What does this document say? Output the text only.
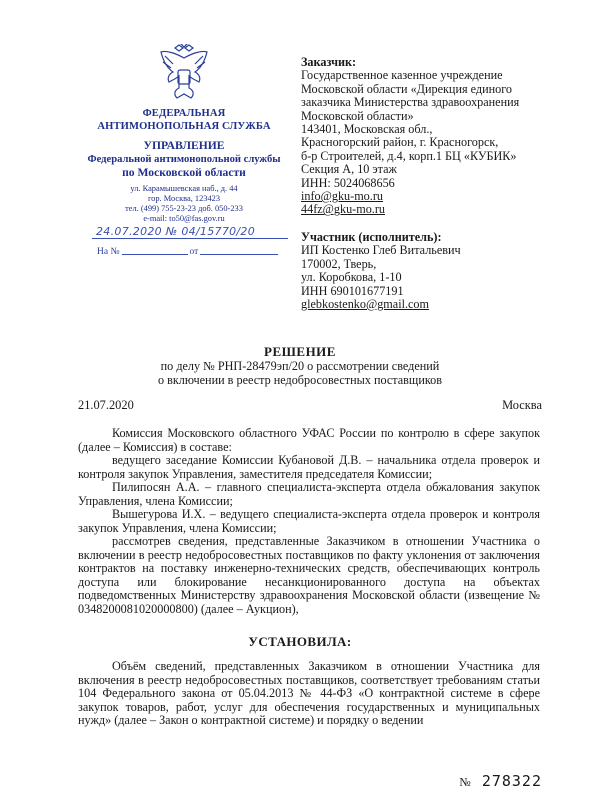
ФЕДЕРАЛЬНАЯ
АНТИМОНОПОЛЬНАЯ СЛУЖБА
УПРАВЛЕНИЕ
Федеральной антимонопольной службы
по Московской области
ул. Карамышевская наб., д. 44
гор. Москва, 123423
тел. (499) 755-23-23 доб. 050-233
e-mail: to50@fas.gov.ru
24.07.2020 № 04/15770/20
На №	от
Заказчик:
Государственное казенное учреждение
Московской области «Дирекция единого
заказчика Министерства здравоохранения
Московской области»
143401, Московская обл.,
Красногорский район, г. Красногорск,
б-р Строителей, д.4, корп.1 БЦ «КУБИК»
Секция А, 10 этаж
ИНН: 5024068656
info@gku-mo.ru
44fz@gku-mo.ru
Участник (исполнитель):
ИП Костенко Глеб Витальевич
170002, Тверь,
ул. Коробкова, 1-10
ИНН 690101677191
glebkostenko@gmail.com
РЕШЕНИЕ
по делу № РНП-28479эп/20 о рассмотрении сведений
о включении в реестр недобросовестных поставщиков
21.07.2020	Москва

Комиссия Московского областного УФАС России по контролю в сфере закупок (далее – Комиссия) в составе:

ведущего заседание Комиссии Кубановой Д.В. – начальника отдела проверок и контроля закупок Управления, заместителя председателя Комиссии;

Пилипосян А.А. – главного специалиста-эксперта отдела обжалования закупок Управления, члена Комиссии;

Вышегурова И.Х. – ведущего специалиста-эксперта отдела проверок и контроля закупок Управления, члена Комиссии;

рассмотрев сведения, представленные Заказчиком в отношении Участника о включении в реестр недобросовестных поставщиков по факту уклонения от заключения контрактов на поставку инженерно-технических средств, обеспечивающих контроль доступа или блокирование несанкционированного доступа на объектах подведомственных Министерству здравоохранения Московской области (извещение № 0348200081020000800) (далее – Аукцион),

УСТАНОВИЛА:

Объём сведений, представленных Заказчиком в отношении Участника для включения в реестр недобросовестных поставщиков, соответствует требованиям статьи 104 Федерального закона от 05.04.2013 № 44-ФЗ «О контрактной системе в сфере закупок товаров, работ, услуг для обеспечения государственных и муниципальных нужд» (далее – Закон о контрактной системе) и порядку о ведении

№ 278322
